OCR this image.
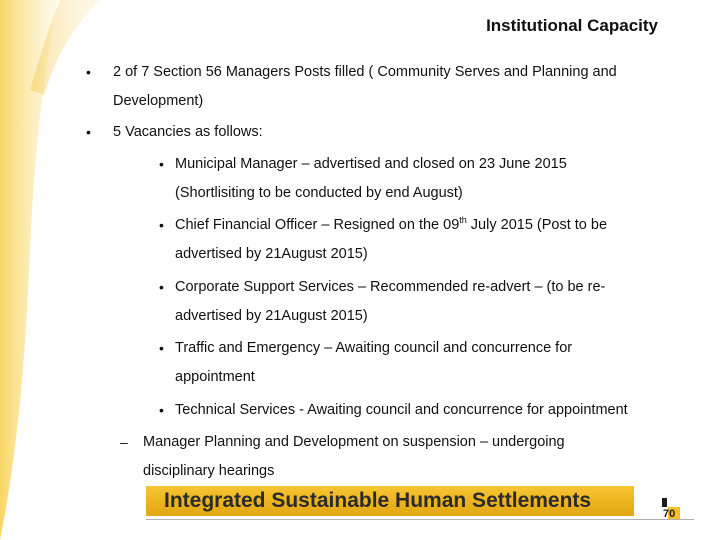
Institutional Capacity
• 2 of 7 Section 56 Managers Posts filled ( Community Serves and Planning and
Development)
• 5 Vacancies as follows:
• Municipal Manager – advertised and closed on 23 June 2015
(Shortlisiting to be conducted by end August)
• Chief Financial Officer – Resigned on the 09th July 2015 (Post to be
advertised by 21August 2015)
• Corporate Support Services – Recommended re-advert – (to be re-
advertised by 21August 2015)
• Traffic and Emergency – Awaiting council and concurrence for
appointment
• Technical Services - Awaiting council and concurrence for appointment
– Manager Planning and Development on suspension – undergoing
disciplinary hearings
Integrated Sustainable Human Settlements
70
